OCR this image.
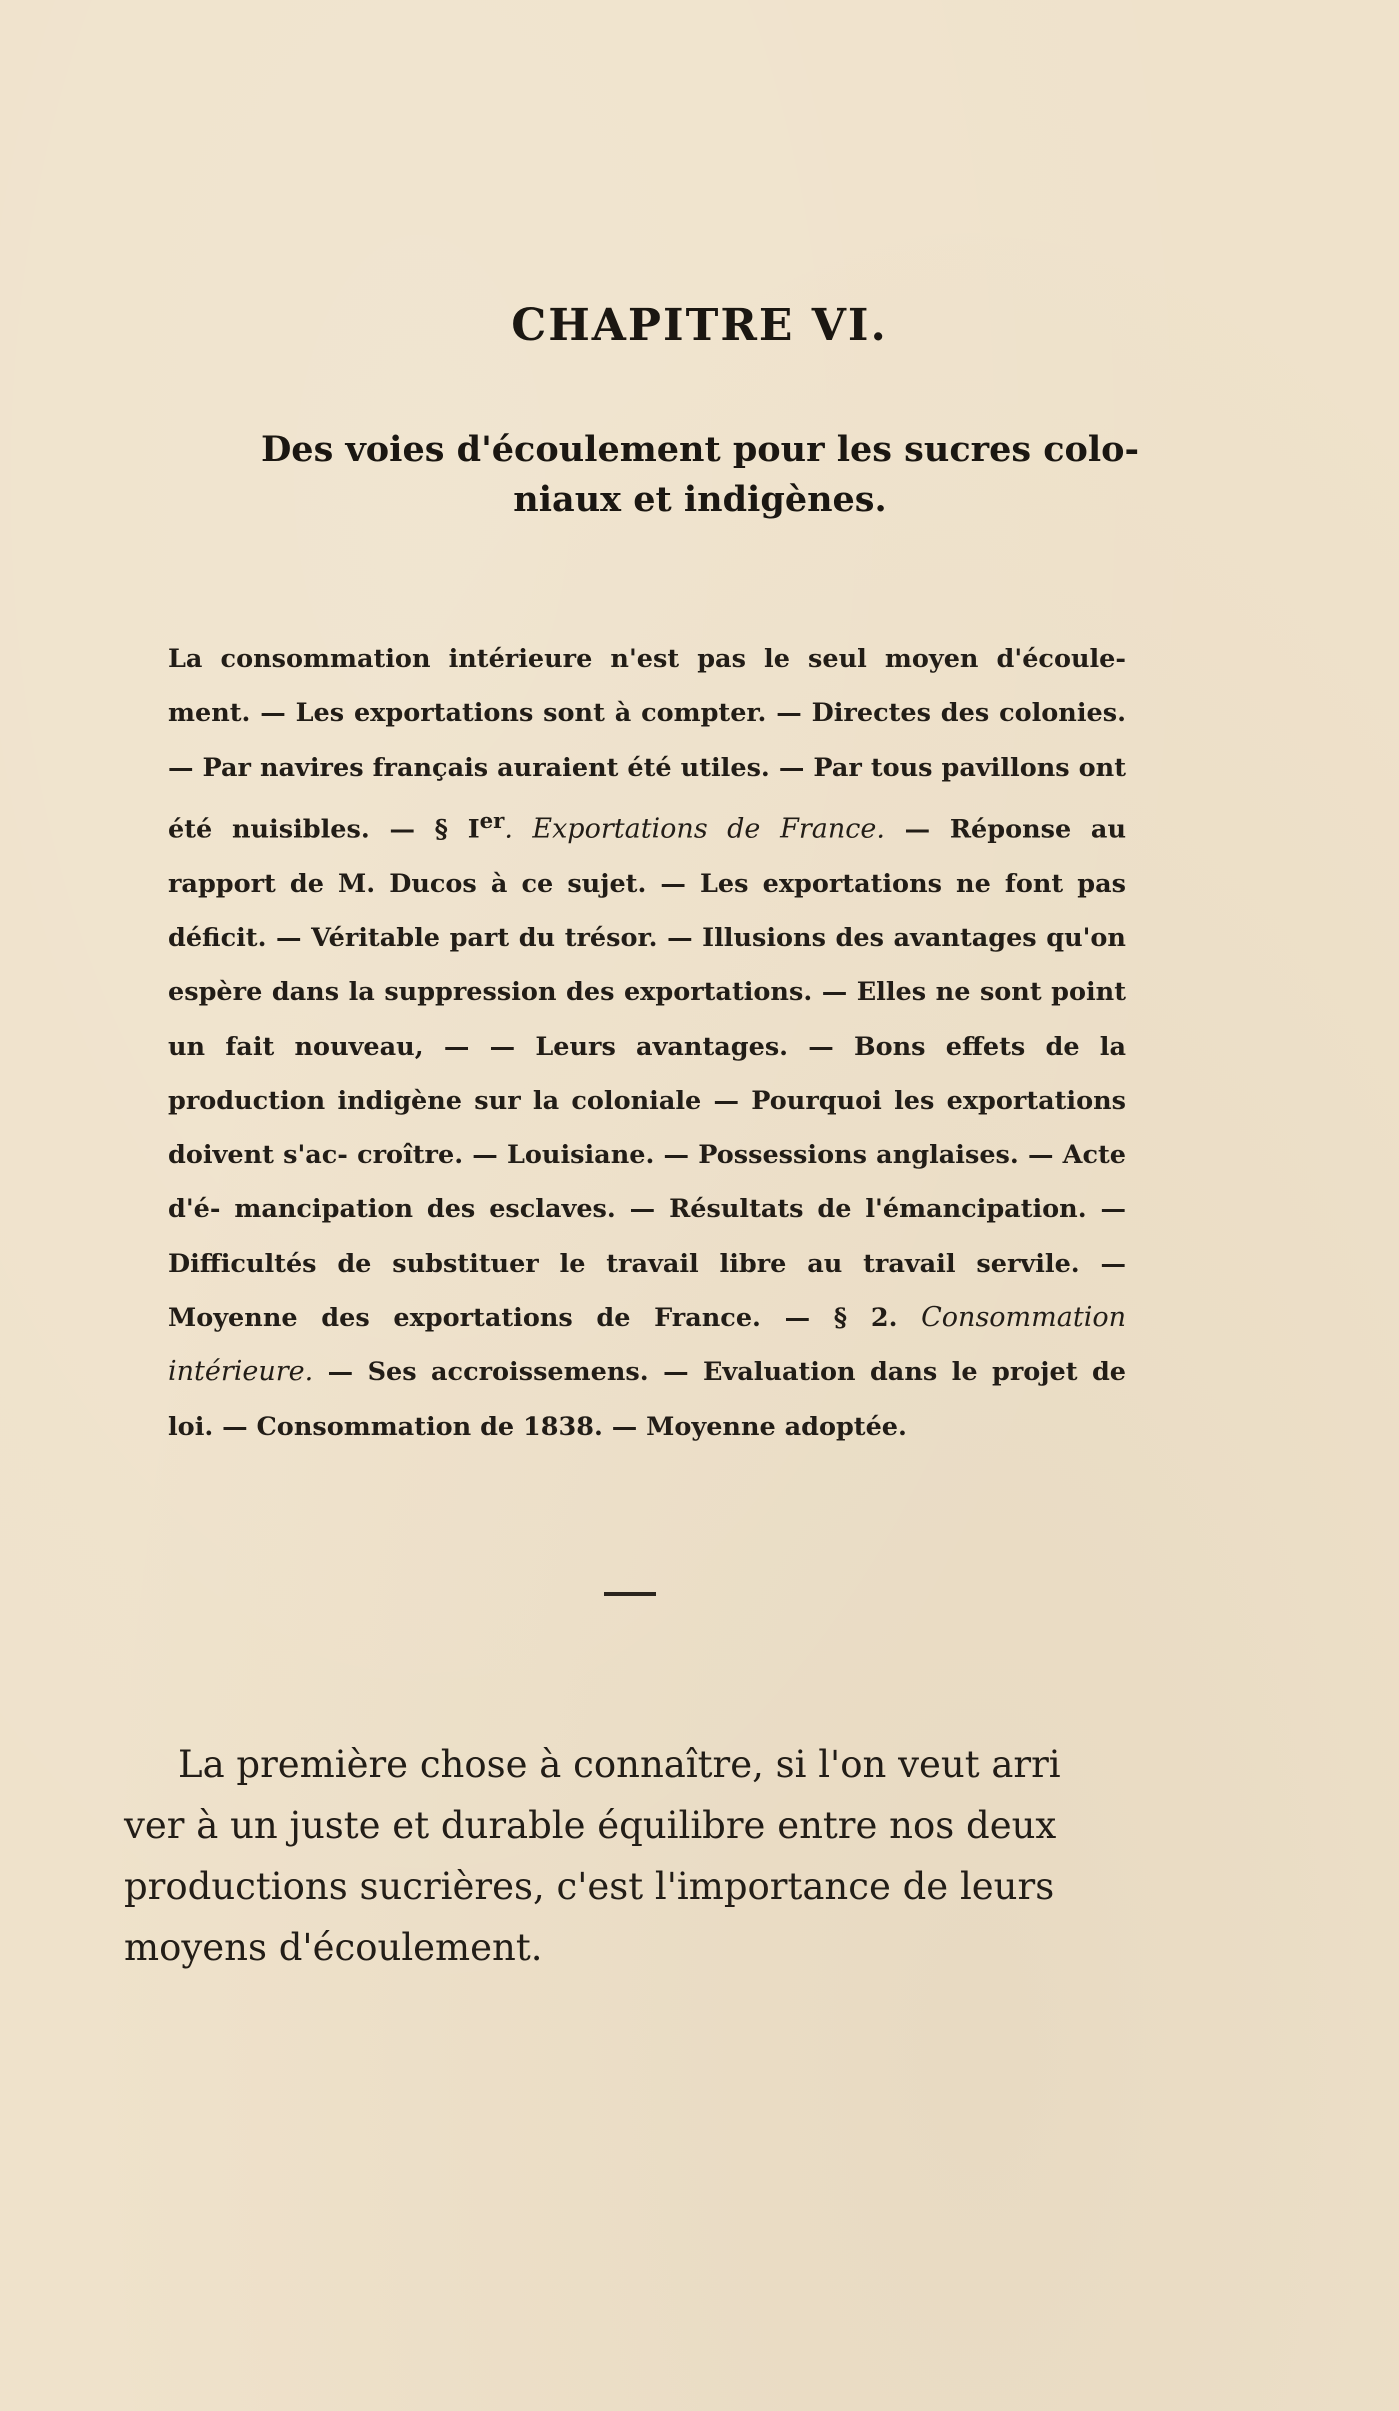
CHAPITRE VI.
Des voies d'écoulement pour les sucres colo-
niaux et indigènes.

La consommation intérieure n'est pas le seul moyen d'écoule- ment. — Les exportations sont à compter. — Directes des colonies. — Par navires français auraient été utiles. — Par tous pavillons ont été nuisibles. — § Ier. Exportations de France. — Réponse au rapport de M. Ducos à ce sujet. — Les exportations ne font pas déficit. — Véritable part du trésor. — Illusions des avantages qu'on espère dans la suppression des exportations. — Elles ne sont point un fait nouveau, — — Leurs avantages. — Bons effets de la production indigène sur la coloniale — Pourquoi les exportations doivent s'ac- croître. — Louisiane. — Possessions anglaises. — Acte d'é- mancipation des esclaves. — Résultats de l'émancipation. — Difficultés de substituer le travail libre au travail servile. — Moyenne des exportations de France. — § 2. Consommation intérieure. — Ses accroissemens. — Evaluation dans le projet de loi. — Consommation de 1838. — Moyenne adoptée.

La première chose à connaître, si l'on veut arri
ver à un juste et durable équilibre entre nos deux
productions sucrières, c'est l'importance de leurs
moyens d'écoulement.
